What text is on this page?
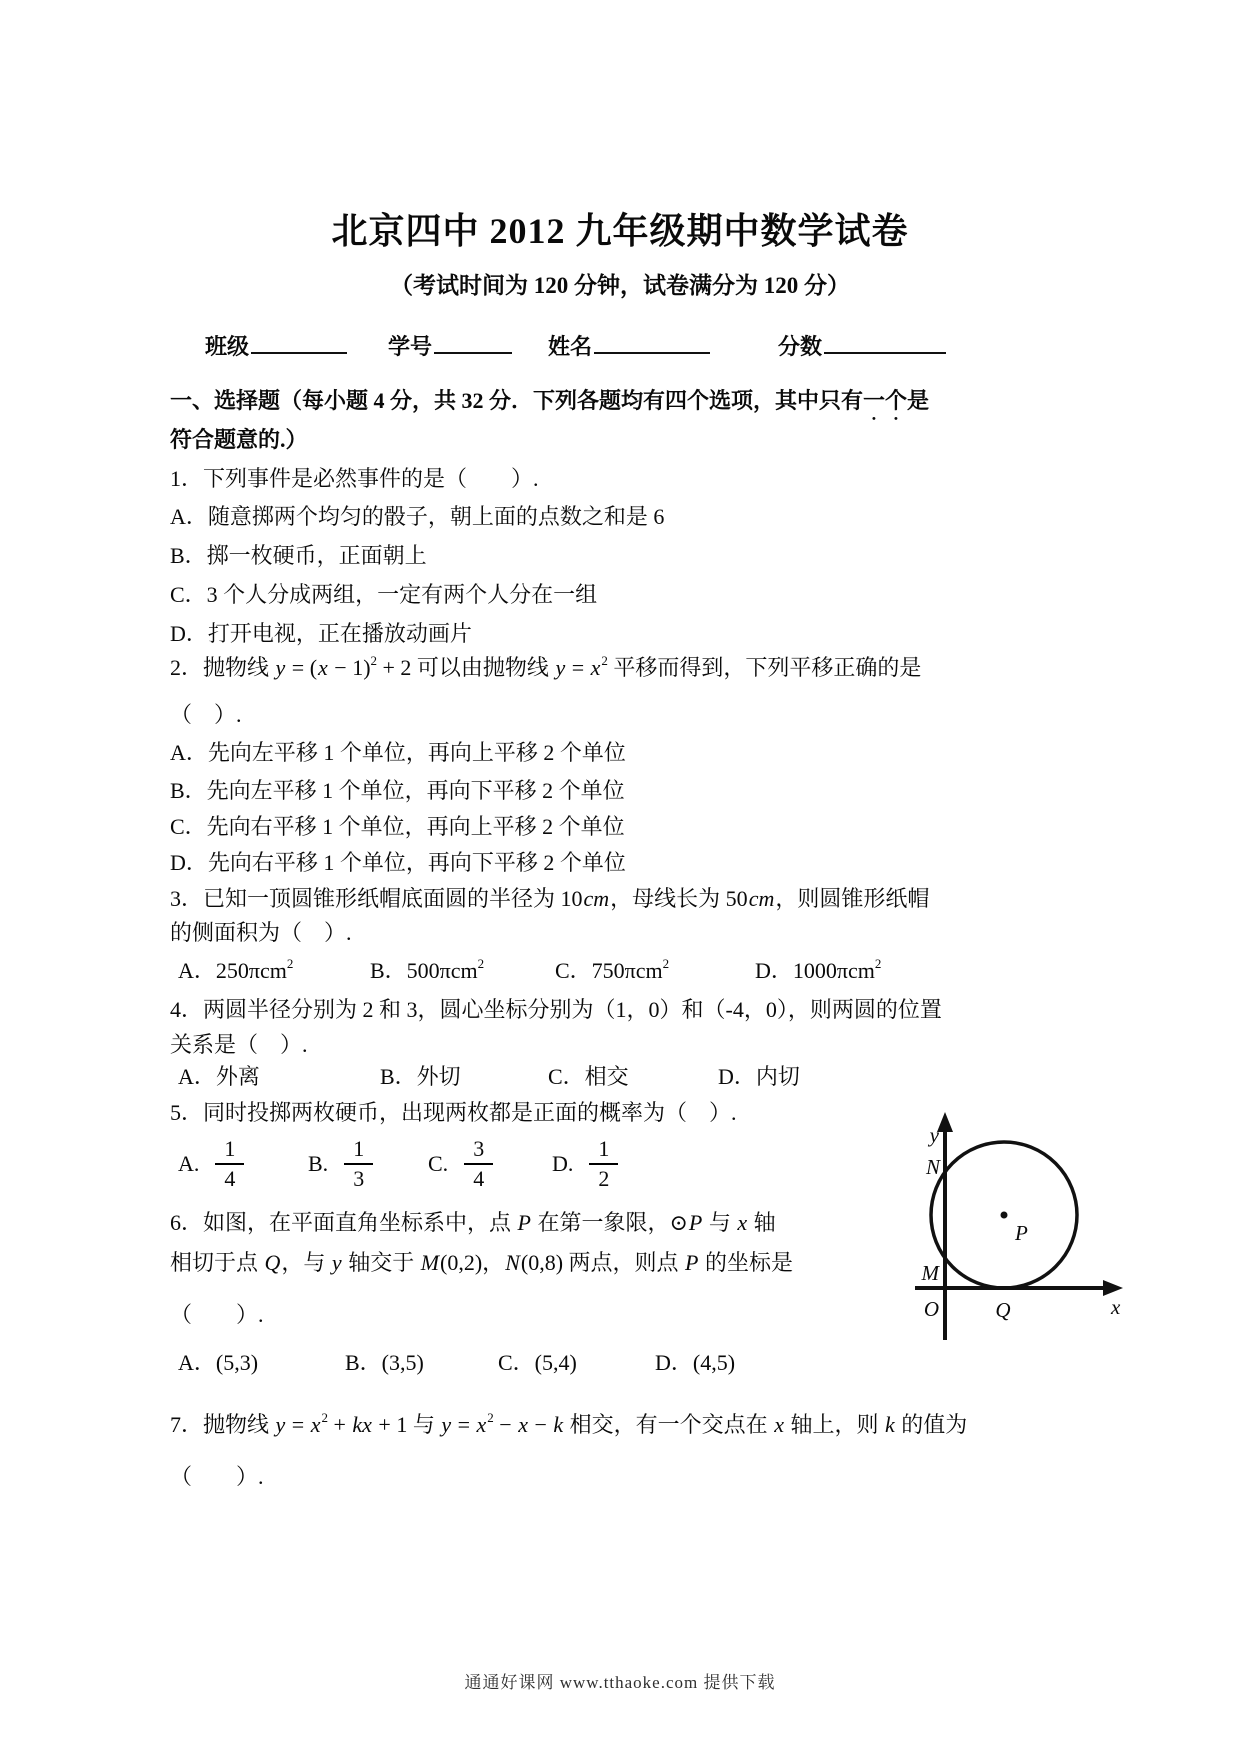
北京四中 2012 九年级期中数学试卷
（考试时间为 120 分钟，试卷满分为 120 分）
班级	学号	姓名	分数
一、选择题（每小题 4 分，共 32 分．下列各题均有四个选项，其中只有一个是
符合题意的.）
1．下列事件是必然事件的是（　　）.
A．随意掷两个均匀的骰子，朝上面的点数之和是 6
B．掷一枚硬币，正面朝上
C．3 个人分成两组，一定有两个人分在一组
D．打开电视，正在播放动画片
2．抛物线 $y = (x - 1)^2 + 2$ 可以由抛物线 $y = x^2$ 平移而得到，下列平移正确的是
（　）.
A．先向左平移 1 个单位，再向上平移 2 个单位
B．先向左平移 1 个单位，再向下平移 2 个单位
C．先向右平移 1 个单位，再向上平移 2 个单位
D．先向右平移 1 个单位，再向下平移 2 个单位
3．已知一顶圆锥形纸帽底面圆的半径为 10cm，母线长为 50cm，则圆锥形纸帽
的侧面积为（　）.
A．250πcm$^2$	B．500πcm$^2$	C．750πcm$^2$	D．1000πcm$^2$
4．两圆半径分别为 2 和 3，圆心坐标分别为（1，0）和（-4，0），则两圆的位置
关系是（　）.
A．外离	B．外切	C．相交	D．内切
5．同时投掷两枚硬币，出现两枚都是正面的概率为（　）.
A. $\frac{1}{4}$	B. $\frac{1}{3} C$. $\frac{3}{4}$	D. $\frac{1}{2}$
6．如图，在平面直角坐标系中，点 P 在第一象限，⊙P 与 x 轴
相切于点 Q，与 y 轴交于 M(0,2)，N(0,8) 两点，则点 P 的坐标是
（　　）.
A．(5,3)	B．(3,5)	C．(5,4)	D．(4,5)
7．抛物线 $y = x^2$ + kx + 1 与 $y = x^2 - x - k$ 相交，有一个交点在 x 轴上，则 k 的值为
（　　）.
y
N
M
O	Q
P
x
通通好课网 www.tthaoke.com 提供下载
